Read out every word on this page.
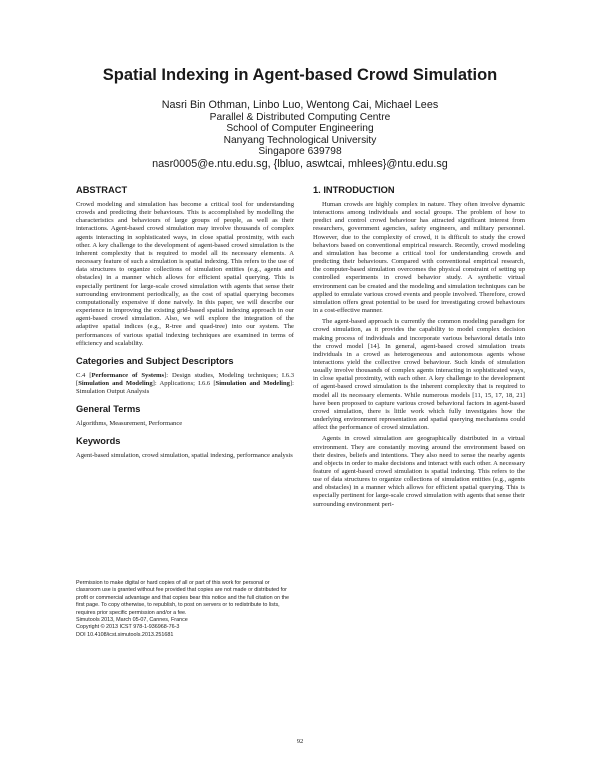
Spatial Indexing in Agent-based Crowd Simulation
Nasri Bin Othman, Linbo Luo, Wentong Cai, Michael Lees
Parallel & Distributed Computing Centre
School of Computer Engineering
Nanyang Technological University
Singapore 639798
nasr0005@e.ntu.edu.sg, {lbluo, aswtcai, mhlees}@ntu.edu.sg
ABSTRACT

Crowd modeling and simulation has become a critical tool for understanding crowds and predicting their behaviours. This is accomplished by modelling the characteristics and behaviours of large groups of people, as well as their interactions. Agent-based crowd simulation may involve thousands of complex agents interacting in sophisticated ways, in close spatial proximity, with each other. A key challenge to the development of agent-based crowd simulation is the inherent complexity that is required to model all its necessary elements. A necessary feature of such a simulation is spatial indexing. This refers to the use of data structures to organize collections of simulation entities (e.g., agents and obstacles) in a manner which allows for efficient spatial querying. This is especially pertinent for large-scale crowd simulation with agents that sense their surrounding environment periodically, as the cost of spatial querying becomes computationally expensive if done naively. In this paper, we will describe our experience in improving the existing grid-based spatial indexing approach in our agent-based crowd simulation. Also, we will explore the integration of the adaptive spatial indices (e.g., R-tree and quad-tree) into our system. The performances of various spatial indexing techniques are examined in terms of efficiency and scalability.

Categories and Subject Descriptors

C.4 [Performance of Systems]: Design studies, Modeling techniques; I.6.3 [Simulation and Modeling]: Applications; I.6.6 [Simulation and Modeling]: Simulation Output Analysis

General Terms

Algorithms, Measurement, Performance

Keywords

Agent-based simulation, crowd simulation, spatial indexing, performance analysis

Permission to make digital or hard copies of all or part of this work for personal or classroom use is granted without fee provided that copies are not made or distributed for profit or commercial advantage and that copies bear this notice and the full citation on the first page. To copy otherwise, to republish, to post on servers or to redistribute to lists, requires prior specific permission and/or a fee.
Simutools 2013, March 05-07, Cannes, France
Copyright © 2013 ICST 978-1-936968-76-3
DOI 10.4108/icst.simutools.2013.251681
1. INTRODUCTION

Human crowds are highly complex in nature. They often involve dynamic interactions among individuals and social groups. The problem of how to predict and control crowd behaviour has attracted significant interest from researchers, government agencies, safety engineers, and military personnel. However, due to the complexity of crowd, it is difficult to study the crowd behaviors based on conventional empirical research. Recently, crowd modeling and simulation has become a critical tool for understanding crowds and predicting their behaviours. Compared with conventional empirical research, the computer-based simulation overcomes the physical constraint of setting up controlled experiments in crowd behavior study. A synthetic virtual environment can be created and the modeling and simulation techniques can be applied to emulate various crowd events and people involved. Therefore, crowd simulation offers great potential to be used for investigating crowd behaviours in a cost-effective manner.

The agent-based approach is currently the common modeling paradigm for crowd simulation, as it provides the capability to model complex decision making process of individuals and incorporate various behavioral details into the crowd model [14]. In general, agent-based crowd simulation treats individuals in a crowd as heterogeneous and autonomous agents whose interactions yield the collective crowd behaviour. Such kinds of simulation usually involve thousands of complex agents interacting in sophisticated ways, in close spatial proximity, with each other. A key challenge to the development of agent-based crowd simulation is the inherent complexity that is required to model all its necessary elements. While numerous models [11, 15, 17, 18, 21] have been proposed to capture various crowd behavioral factors in agent-based crowd simulation, there is little work which fully investigates how the underlying environment representation and spatial querying mechanisms could affect the performance of crowd simulation.

Agents in crowd simulation are geographically distributed in a virtual environment. They are constantly moving around the environment based on their desires, beliefs and intentions. They also need to sense the nearby agents and objects in order to make decisions and interact with each other. A necessary feature of agent-based crowd simulation is spatial indexing. This refers to the use of data structures to organize collections of simulation entities (e.g., agents and obstacles) in a manner which allows for efficient spatial querying. This is especially pertinent for large-scale crowd simulation with agents that sense their surrounding environment peri-

92
